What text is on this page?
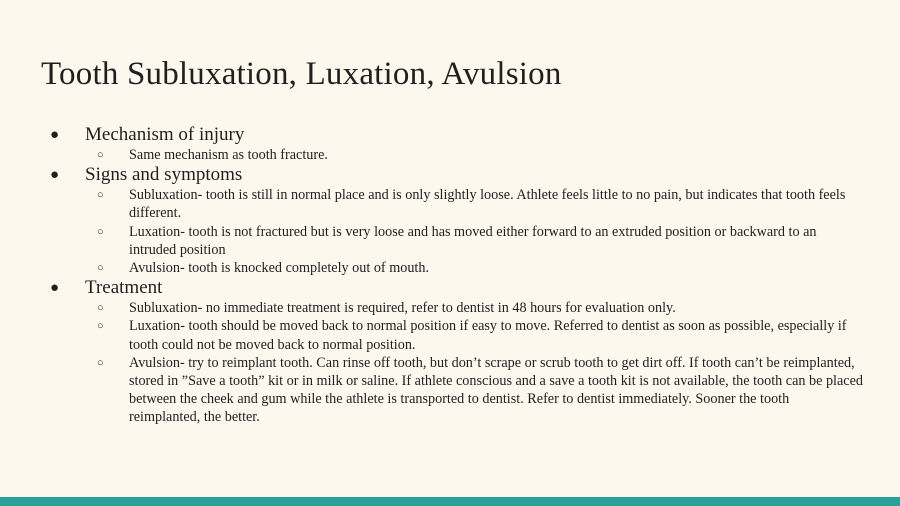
Tooth Subluxation, Luxation, Avulsion
● Mechanism of injury
○ Same mechanism as tooth fracture.
● Signs and symptoms
○ Subluxation- tooth is still in normal place and is only slightly loose. Athlete feels little to no pain, but indicates that tooth feels different.
○ Luxation- tooth is not fractured but is very loose and has moved either forward to an extruded position or backward to an intruded position
○ Avulsion- tooth is knocked completely out of mouth.
● Treatment
○ Subluxation- no immediate treatment is required, refer to dentist in 48 hours for evaluation only.
○ Luxation- tooth should be moved back to normal position if easy to move. Referred to dentist as soon as possible, especially if tooth could not be moved back to normal position.
○ Avulsion- try to reimplant tooth. Can rinse off tooth, but don’t scrape or scrub tooth to get dirt off. If tooth can’t be reimplanted, stored in ”Save a tooth” kit or in milk or saline. If athlete conscious and a save a tooth kit is not available, the tooth can be placed between the cheek and gum while the athlete is transported to dentist. Refer to dentist immediately. Sooner the tooth reimplanted, the better.
